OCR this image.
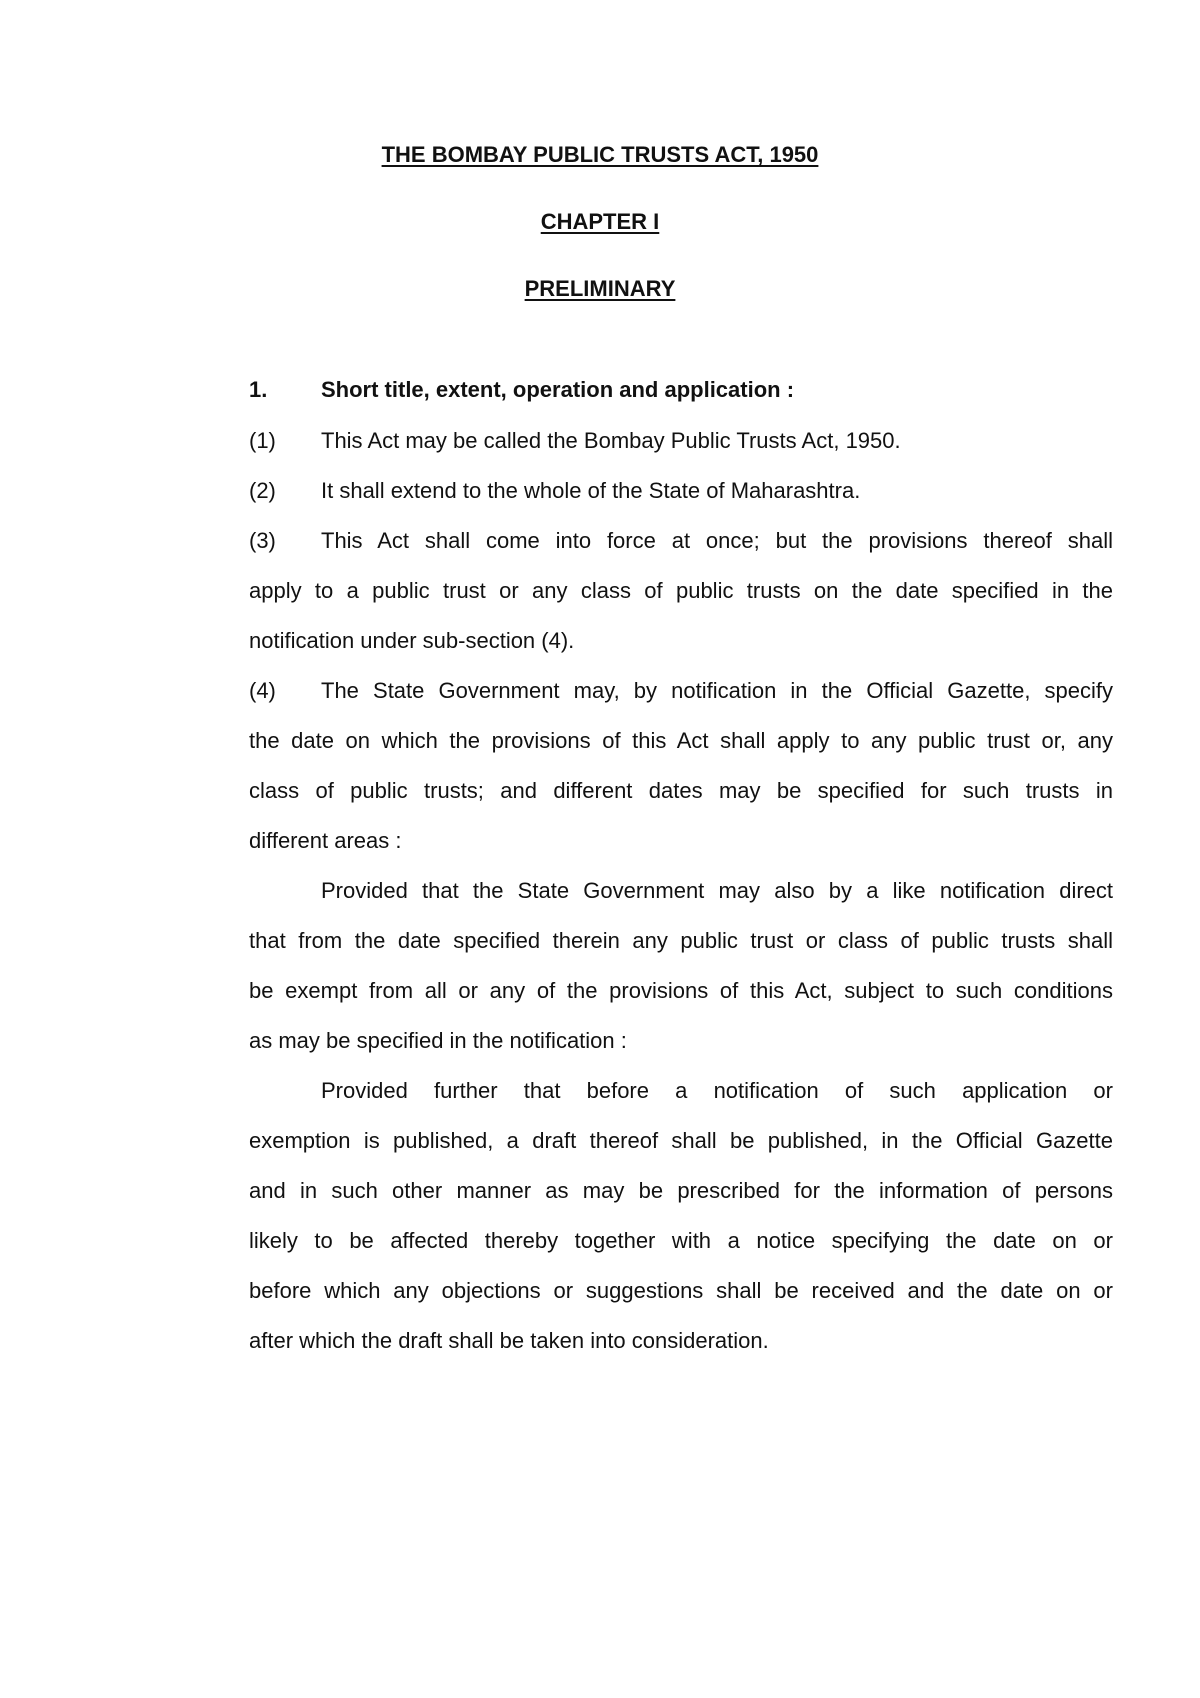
THE BOMBAY PUBLIC TRUSTS ACT, 1950
CHAPTER I
PRELIMINARY
1. Short title, extent, operation and application :
(1) This Act may be called the Bombay Public Trusts Act, 1950.
(2) It shall extend to the whole of the State of Maharashtra.
(3) This Act shall come into force at once; but the provisions thereof shall
apply to a public trust or any class of public trusts on the date specified in the
notification under sub-section (4).
(4) The State Government may, by notification in the Official Gazette, specify
the date on which the provisions of this Act shall apply to any public trust or, any
class of public trusts; and different dates may be specified for such trusts in
different areas :
Provided that the State Government may also by a like notification direct
that from the date specified therein any public trust or class of public trusts shall
be exempt from all or any of the provisions of this Act, subject to such conditions
as may be specified in the notification :
Provided further that before a notification of such application or
exemption is published, a draft thereof shall be published, in the Official Gazette
and in such other manner as may be prescribed for the information of persons
likely to be affected thereby together with a notice specifying the date on or
before which any objections or suggestions shall be received and the date on or
after which the draft shall be taken into consideration.
